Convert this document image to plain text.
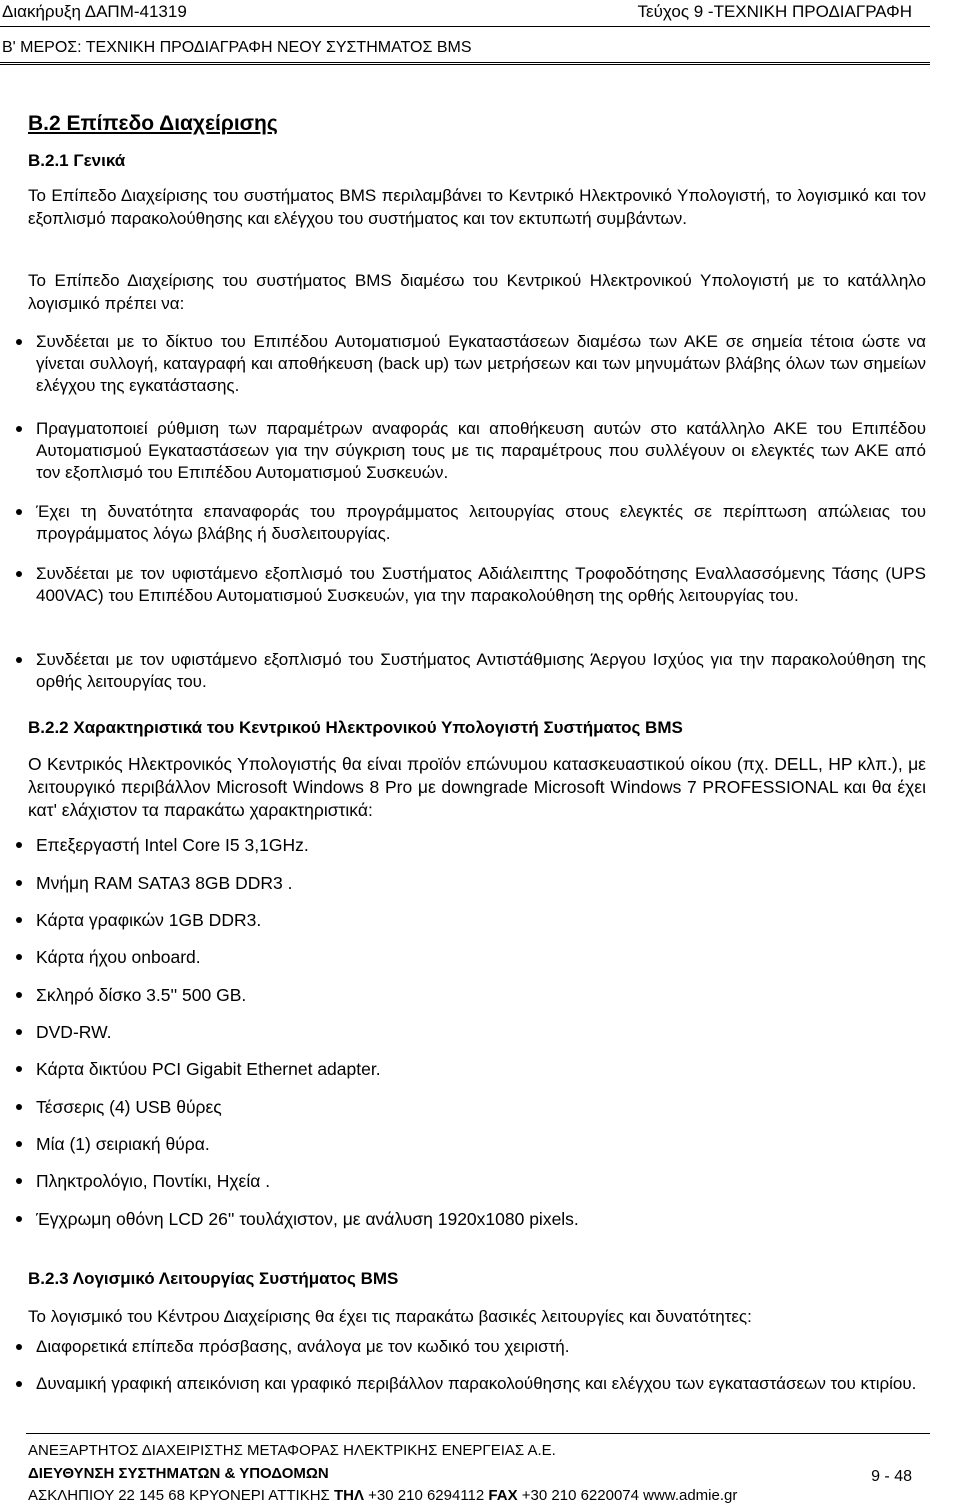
Διακήρυξη ΔΑΠΜ-41319	Τεύχος 9 -ΤΕΧΝΙΚΗ ΠΡΟΔΙΑΓΡΑΦΗ
Β' ΜΕΡΟΣ: ΤΕΧΝΙΚΗ ΠΡΟΔΙΑΓΡΑΦΗ ΝΕΟΥ ΣΥΣΤΗΜΑΤΟΣ BMS
Β.2 Επίπεδο Διαχείρισης
Β.2.1 Γενικά
Το Επίπεδο Διαχείρισης του συστήματος BMS περιλαμβάνει το Κεντρικό Ηλεκτρονικό Υπολογιστή, το λογισμικό και τον εξοπλισμό παρακολούθησης και ελέγχου του συστήματος και τον εκτυπωτή συμβάντων.
Το Επίπεδο Διαχείρισης του συστήματος BMS διαμέσω του Κεντρικού Ηλεκτρονικού Υπολογιστή με το κατάλληλο λογισμικό πρέπει να:
Συνδέεται με το δίκτυο του Επιπέδου Αυτοματισμού Εγκαταστάσεων διαμέσω των ΑΚΕ σε σημεία τέτοια ώστε να γίνεται συλλογή, καταγραφή και αποθήκευση (back up) των μετρήσεων και των μηνυμάτων βλάβης όλων των σημείων ελέγχου της εγκατάστασης.
Πραγματοποιεί ρύθμιση των παραμέτρων αναφοράς και αποθήκευση αυτών στο κατάλληλο ΑΚΕ του Επιπέδου Αυτοματισμού Εγκαταστάσεων για την σύγκριση τους με τις παραμέτρους που συλλέγουν οι ελεγκτές των ΑΚΕ από τον εξοπλισμό του Επιπέδου Αυτοματισμού Συσκευών.
Έχει τη δυνατότητα επαναφοράς του προγράμματος λειτουργίας στους ελεγκτές σε περίπτωση απώλειας του προγράμματος λόγω βλάβης ή δυσλειτουργίας.
Συνδέεται με τον υφιστάμενο εξοπλισμό του Συστήματος Αδιάλειπτης Τροφοδότησης Εναλλασσόμενης Τάσης (UPS 400VAC) του Επιπέδου Αυτοματισμού Συσκευών, για την παρακολούθηση της ορθής λειτουργίας του.
Συνδέεται με τον υφιστάμενο εξοπλισμό του Συστήματος Αντιστάθμισης Άεργου Ισχύος για την παρακολούθηση της ορθής λειτουργίας του.
Β.2.2 Χαρακτηριστικά του Κεντρικού Ηλεκτρονικού Υπολογιστή Συστήματος BMS
Ο Κεντρικός Ηλεκτρονικός Υπολογιστής θα είναι προϊόν επώνυμου κατασκευαστικού οίκου (πχ. DELL, HP κλπ.), με λειτουργικό περιβάλλον Microsoft Windows 8 Pro με downgrade Microsoft Windows 7 PROFESSIONAL και θα έχει κατ' ελάχιστον τα παρακάτω χαρακτηριστικά:
Επεξεργαστή Intel Core I5 3,1GHz.
Μνήμη RAM SATA3 8GB DDR3 .
Κάρτα γραφικών 1GB DDR3.
Κάρτα ήχου onboard.
Σκληρό δίσκο 3.5'' 500 GB.
DVD-RW.
Κάρτα δικτύου PCI Gigabit Ethernet adapter.
Τέσσερις (4) USB θύρες
Μία (1) σειριακή θύρα.
Πληκτρολόγιο, Ποντίκι, Ηχεία .
Έγχρωμη οθόνη LCD 26'' τουλάχιστον, με ανάλυση 1920x1080 pixels.
Β.2.3 Λογισμικό Λειτουργίας Συστήματος BMS
Το λογισμικό του Κέντρου Διαχείρισης θα έχει τις παρακάτω βασικές λειτουργίες και δυνατότητες:
Διαφορετικά επίπεδα πρόσβασης, ανάλογα με τον κωδικό του χειριστή.
Δυναμική γραφική απεικόνιση και γραφικό περιβάλλον παρακολούθησης και ελέγχου των εγκαταστάσεων του κτιρίου.
ΑΝΕΞΑΡΤΗΤΟΣ ΔΙΑΧΕΙΡΙΣΤΗΣ ΜΕΤΑΦΟΡΑΣ ΗΛΕΚΤΡΙΚΗΣ ΕΝΕΡΓΕΙΑΣ Α.Ε.
ΔΙΕΥΘΥΝΣΗ ΣΥΣΤΗΜΑΤΩΝ & ΥΠΟΔΟΜΩΝ
ΑΣΚΛΗΠΙΟΥ 22 145 68 ΚΡΥΟΝΕΡΙ ΑΤΤΙΚΗΣ ΤΗΛ +30 210 6294112 FAX +30 210 6220074 www.admie.gr
9 - 48
